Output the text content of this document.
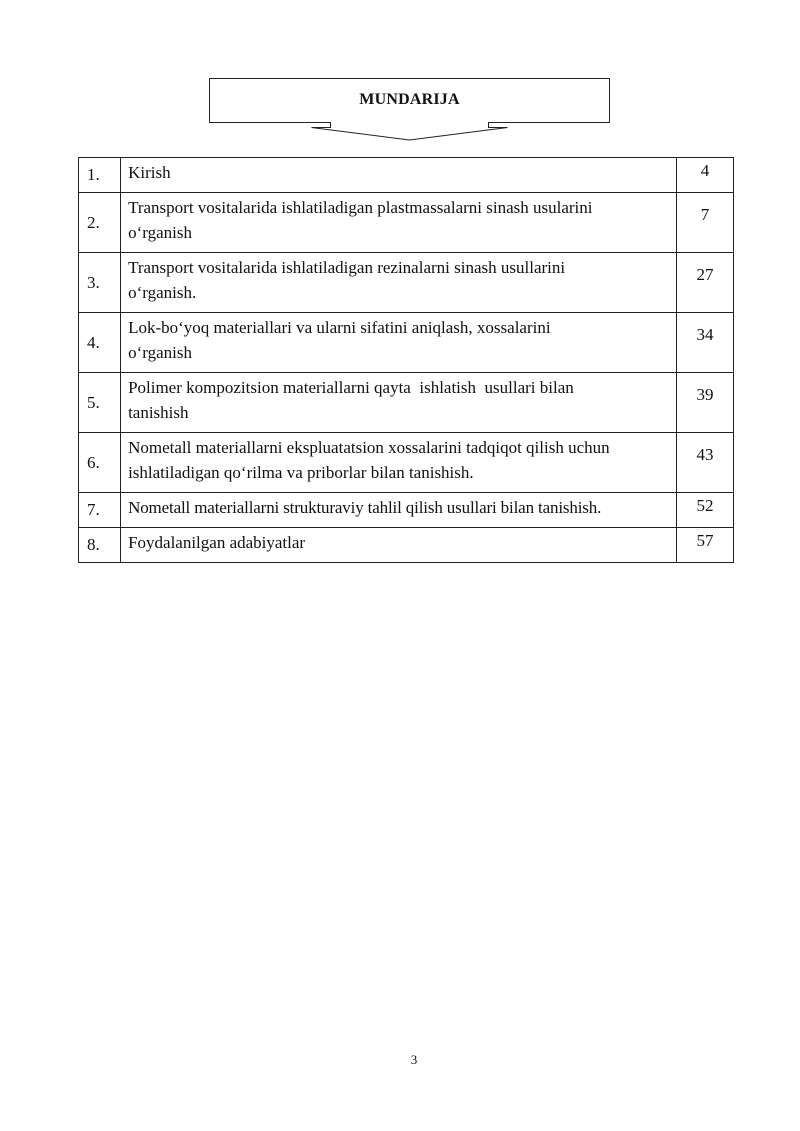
MUNDARIJA
1.	Kirish	4
2.	Transport vositalarida ishlatiladigan plastmassalarni sinash usularini
o‘rganish	7
3.	Transport vositalarida ishlatiladigan rezinalarni sinash usullarini
o‘rganish.	27
4.	Lok-bo‘yoq materiallari va ularni sifatini aniqlash, xossalarini
o‘rganish	34
5.	Polimer kompozitsion materiallarni qayta  ishlatish  usullari bilan
tanishish	39
6.	Nometall materiallarni ekspluatatsion xossalarini tadqiqot qilish uchun
ishlatiladigan qo‘rilma va priborlar bilan tanishish.	43
7.	Nometall materiallarni strukturaviy tahlil qilish usullari bilan tanishish.	52
8.	Foydalanilgan adabiyatlar	57
3
